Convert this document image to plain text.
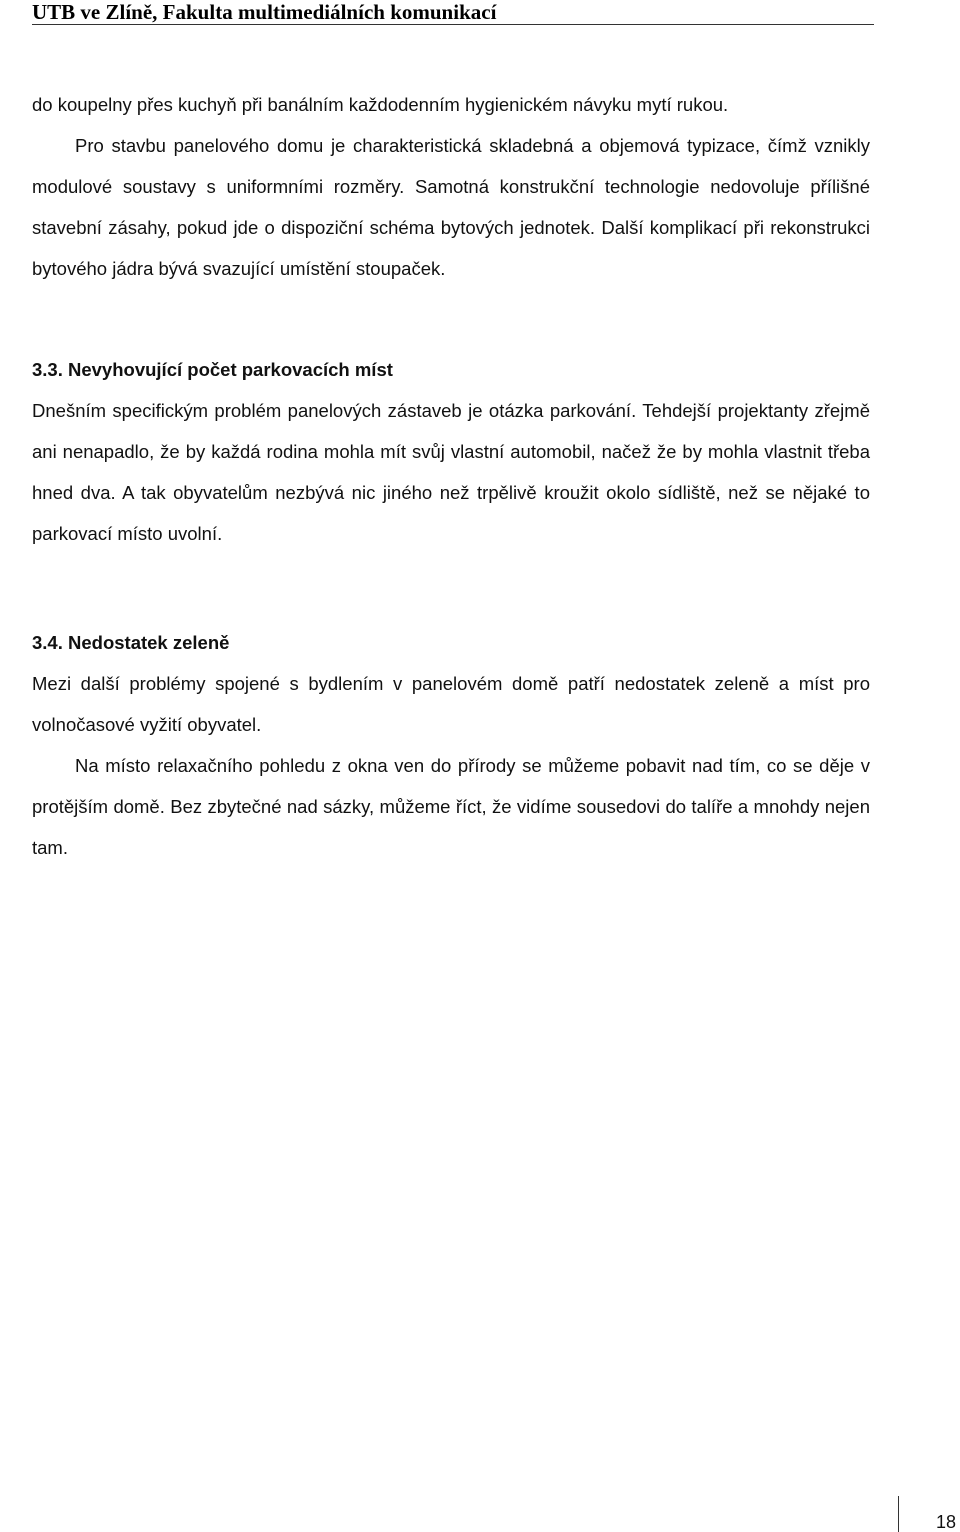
UTB ve Zlíně, Fakulta multimediálních komunikací

do koupelny přes kuchyň při banálním každodenním hygienickém návyku mytí rukou.

Pro stavbu panelového domu je charakteristická skladebná a objemová typizace, čímž vznikly modulové soustavy s uniformními rozměry. Samotná konstrukční technologie nedovoluje přílišné stavební zásahy, pokud jde o dispoziční schéma bytových jednotek. Další komplikací při rekonstrukci bytového jádra bývá svazující umístění stoupaček.

3.3. Nevyhovující počet parkovacích míst

Dnešním specifickým problém panelových zástaveb je otázka parkování. Tehdejší projektanty zřejmě ani nenapadlo, že by každá rodina mohla mít svůj vlastní automobil, načež že by mohla vlastnit třeba hned dva. A tak obyvatelům nezbývá nic jiného než trpělivě kroužit okolo sídliště, než se nějaké to parkovací místo uvolní.

3.4. Nedostatek zeleně

Mezi další problémy spojené s bydlením v panelovém domě patří nedostatek zeleně a míst pro volnočasové vyžití obyvatel.

Na místo relaxačního pohledu z okna ven do přírody se můžeme pobavit nad tím, co se děje v protějším domě. Bez zbytečné nad sázky, můžeme říct, že vidíme sousedovi do talíře a mnohdy nejen tam.

18
